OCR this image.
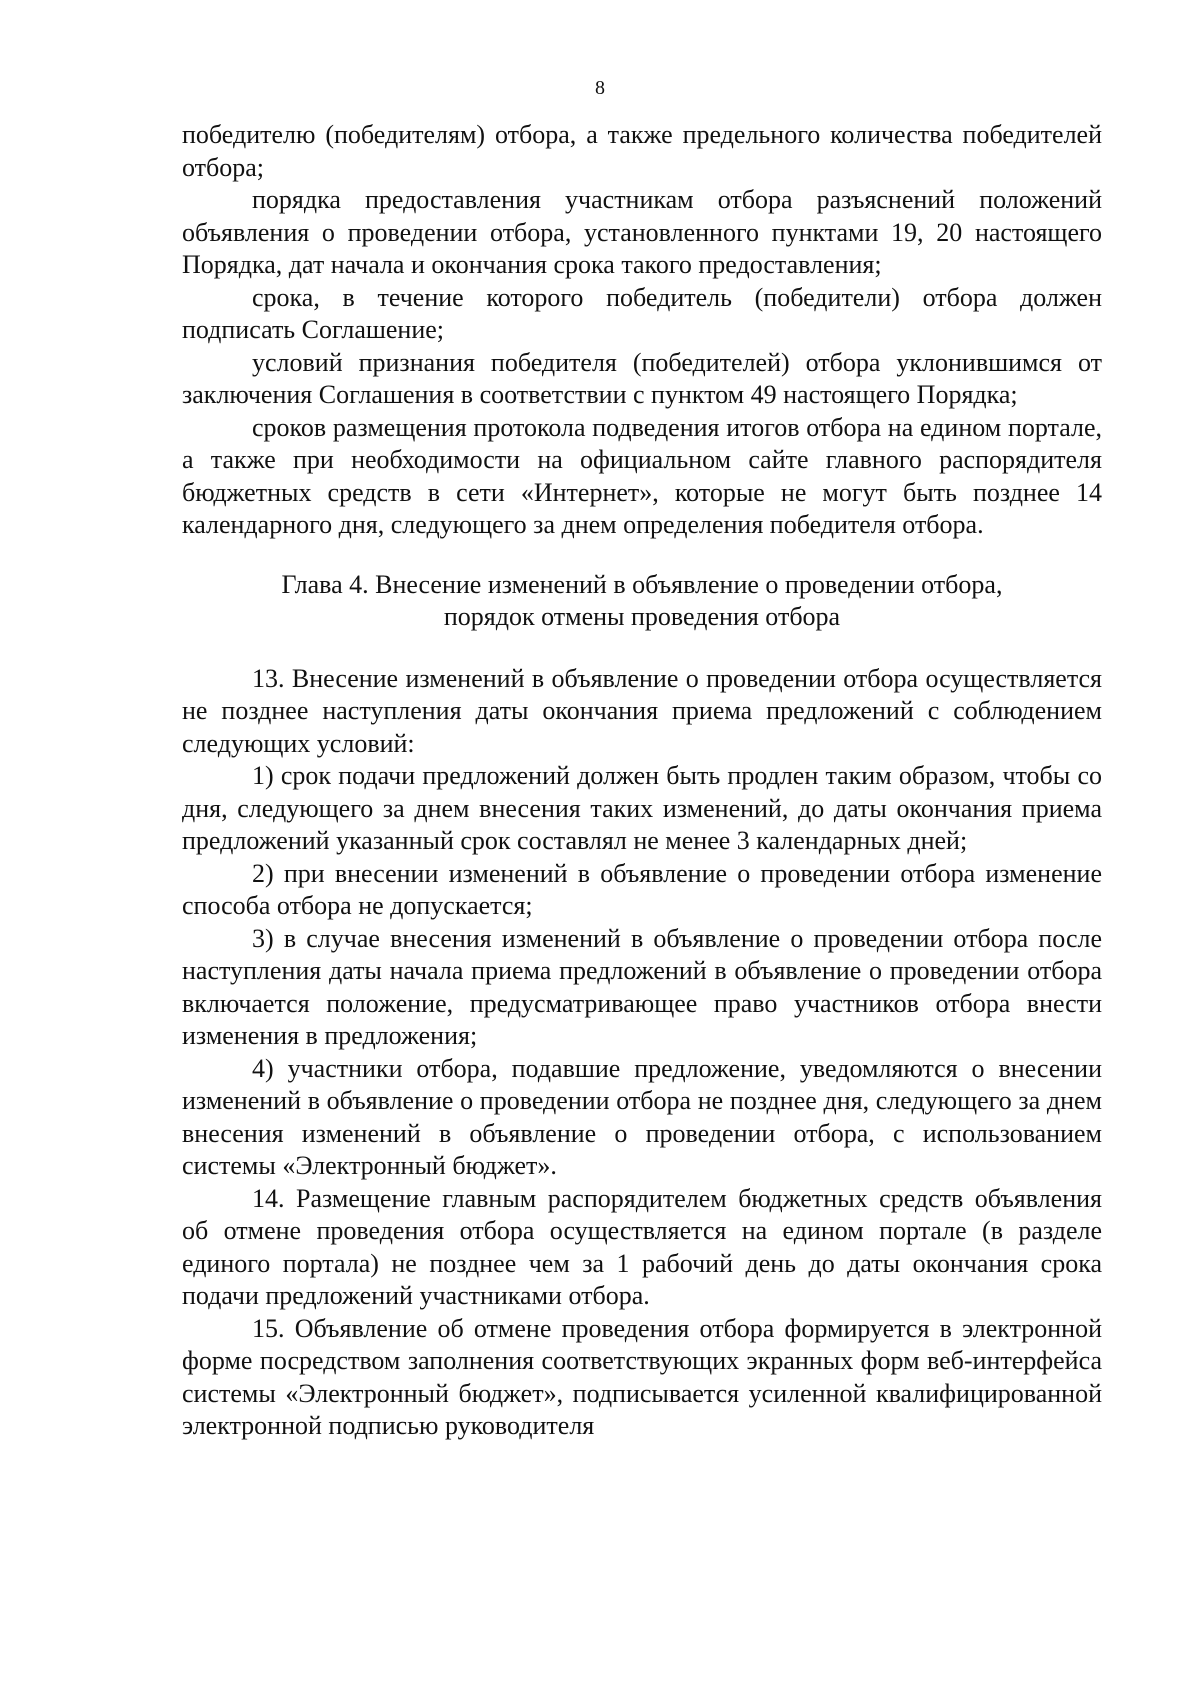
8

победителю (победителям) отбора, а также предельного количества победителей отбора;

порядка предоставления участникам отбора разъяснений положений объявления о проведении отбора, установленного пунктами 19, 20 настоящего Порядка, дат начала и окончания срока такого предоставления;

срока, в течение которого победитель (победители) отбора должен подписать Соглашение;

условий признания победителя (победителей) отбора уклонившимся от заключения Соглашения в соответствии с пунктом 49 настоящего Порядка;

сроков размещения протокола подведения итогов отбора на едином портале, а также при необходимости на официальном сайте главного распорядителя бюджетных средств в сети «Интернет», которые не могут быть позднее 14 календарного дня, следующего за днем определения победителя отбора.

Глава 4. Внесение изменений в объявление о проведении отбора,
порядок отмены проведения отбора

13. Внесение изменений в объявление о проведении отбора осуществляется не позднее наступления даты окончания приема предложений с соблюдением следующих условий:

1) срок подачи предложений должен быть продлен таким образом, чтобы со дня, следующего за днем внесения таких изменений, до даты окончания приема предложений указанный срок составлял не менее 3 календарных дней;

2) при внесении изменений в объявление о проведении отбора изменение способа отбора не допускается;

3) в случае внесения изменений в объявление о проведении отбора после наступления даты начала приема предложений в объявление о проведении отбора включается положение, предусматривающее право участников отбора внести изменения в предложения;

4) участники отбора, подавшие предложение, уведомляются о внесении изменений в объявление о проведении отбора не позднее дня, следующего за днем внесения изменений в объявление о проведении отбора, с использованием системы «Электронный бюджет».

14. Размещение главным распорядителем бюджетных средств объявления об отмене проведения отбора осуществляется на едином портале (в разделе единого портала) не позднее чем за 1 рабочий день до даты окончания срока подачи предложений участниками отбора.

15. Объявление об отмене проведения отбора формируется в электронной форме посредством заполнения соответствующих экранных форм веб-интерфейса системы «Электронный бюджет», подписывается усиленной квалифицированной электронной подписью руководителя
